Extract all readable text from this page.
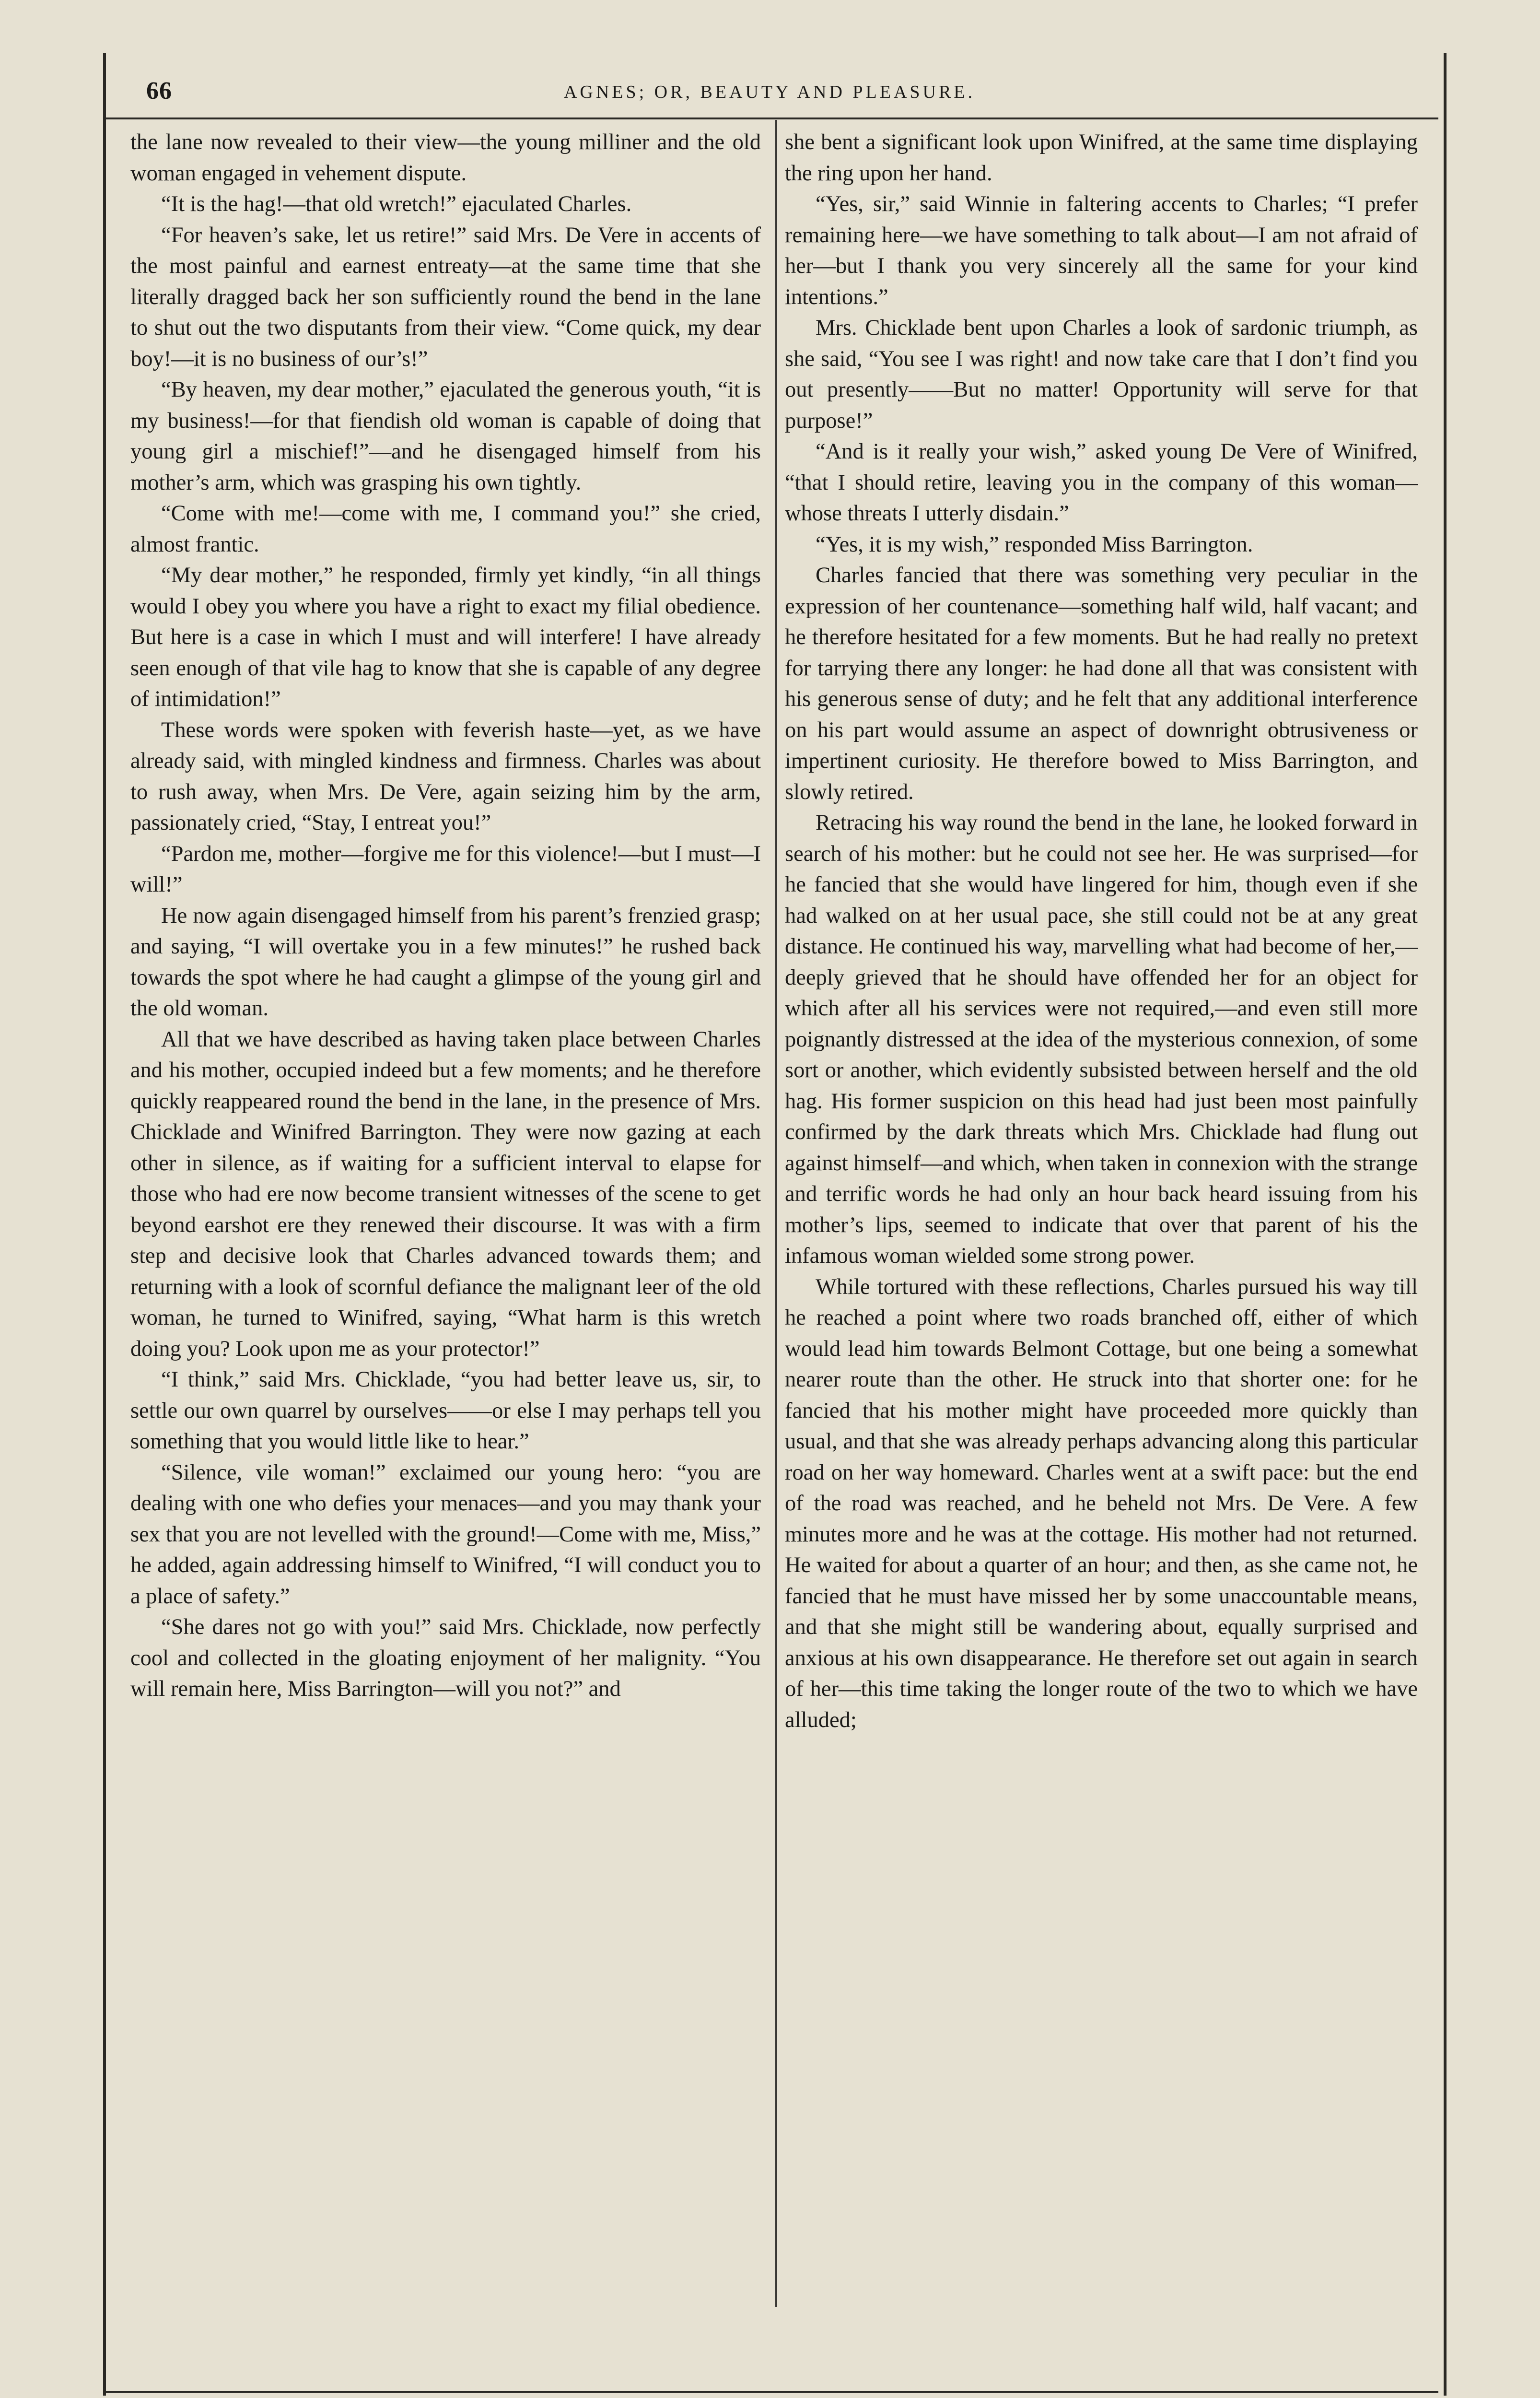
66	AGNES; OR, BEAUTY AND PLEASURE.

the lane now revealed to their view—the young milliner and the old woman engaged in vehement dispute.

“It is the hag!—that old wretch!” ejaculated Charles.

“For heaven’s sake, let us retire!” said Mrs. De Vere in accents of the most painful and earnest entreaty—at the same time that she literally dragged back her son sufficiently round the bend in the lane to shut out the two disputants from their view. “Come quick, my dear boy!—it is no business of our’s!”

“By heaven, my dear mother,” ejaculated the generous youth, “it is my business!—for that fiendish old woman is capable of doing that young girl a mischief!”—and he disengaged himself from his mother’s arm, which was grasping his own tightly.

“Come with me!—come with me, I command you!” she cried, almost frantic.

“My dear mother,” he responded, firmly yet kindly, “in all things would I obey you where you have a right to exact my filial obedience. But here is a case in which I must and will interfere! I have already seen enough of that vile hag to know that she is capable of any degree of intimidation!”

These words were spoken with feverish haste—yet, as we have already said, with mingled kindness and firmness. Charles was about to rush away, when Mrs. De Vere, again seizing him by the arm, passionately cried, “Stay, I entreat you!”

“Pardon me, mother—forgive me for this violence!—but I must—I will!”

He now again disengaged himself from his parent’s frenzied grasp; and saying, “I will overtake you in a few minutes!” he rushed back towards the spot where he had caught a glimpse of the young girl and the old woman.

All that we have described as having taken place between Charles and his mother, occupied indeed but a few moments; and he therefore quickly reappeared round the bend in the lane, in the presence of Mrs. Chicklade and Winifred Barrington. They were now gazing at each other in silence, as if waiting for a sufficient interval to elapse for those who had ere now become transient witnesses of the scene to get beyond earshot ere they renewed their discourse. It was with a firm step and decisive look that Charles advanced towards them; and returning with a look of scornful defiance the malignant leer of the old woman, he turned to Winifred, saying, “What harm is this wretch doing you? Look upon me as your protector!”

“I think,” said Mrs. Chicklade, “you had better leave us, sir, to settle our own quarrel by ourselves——or else I may perhaps tell you something that you would little like to hear.”

“Silence, vile woman!” exclaimed our young hero: “you are dealing with one who defies your menaces—and you may thank your sex that you are not levelled with the ground!—Come with me, Miss,” he added, again addressing himself to Winifred, “I will conduct you to a place of safety.”

“She dares not go with you!” said Mrs. Chicklade, now perfectly cool and collected in the gloating enjoyment of her malignity. “You will remain here, Miss Barrington—will you not?” and

she bent a significant look upon Winifred, at the same time displaying the ring upon her hand.

“Yes, sir,” said Winnie in faltering accents to Charles; “I prefer remaining here—we have something to talk about—I am not afraid of her—but I thank you very sincerely all the same for your kind intentions.”

Mrs. Chicklade bent upon Charles a look of sardonic triumph, as she said, “You see I was right! and now take care that I don’t find you out presently——But no matter! Opportunity will serve for that purpose!”

“And is it really your wish,” asked young De Vere of Winifred, “that I should retire, leaving you in the company of this woman—whose threats I utterly disdain.”

“Yes, it is my wish,” responded Miss Barrington.

Charles fancied that there was something very peculiar in the expression of her countenance—something half wild, half vacant; and he therefore hesitated for a few moments. But he had really no pretext for tarrying there any longer: he had done all that was consistent with his generous sense of duty; and he felt that any additional interference on his part would assume an aspect of downright obtrusiveness or impertinent curiosity. He therefore bowed to Miss Barrington, and slowly retired.

Retracing his way round the bend in the lane, he looked forward in search of his mother: but he could not see her. He was surprised—for he fancied that she would have lingered for him, though even if she had walked on at her usual pace, she still could not be at any great distance. He continued his way, marvelling what had become of her,—deeply grieved that he should have offended her for an object for which after all his services were not required,—and even still more poignantly distressed at the idea of the mysterious connexion, of some sort or another, which evidently subsisted between herself and the old hag. His former suspicion on this head had just been most painfully confirmed by the dark threats which Mrs. Chicklade had flung out against himself—and which, when taken in connexion with the strange and terrific words he had only an hour back heard issuing from his mother’s lips, seemed to indicate that over that parent of his the infamous woman wielded some strong power.

While tortured with these reflections, Charles pursued his way till he reached a point where two roads branched off, either of which would lead him towards Belmont Cottage, but one being a somewhat nearer route than the other. He struck into that shorter one: for he fancied that his mother might have proceeded more quickly than usual, and that she was already perhaps advancing along this particular road on her way homeward. Charles went at a swift pace: but the end of the road was reached, and he beheld not Mrs. De Vere. A few minutes more and he was at the cottage. His mother had not returned. He waited for about a quarter of an hour; and then, as she came not, he fancied that he must have missed her by some unaccountable means, and that she might still be wandering about, equally surprised and anxious at his own disappearance. He therefore set out again in search of her—this time taking the longer route of the two to which we have alluded;
